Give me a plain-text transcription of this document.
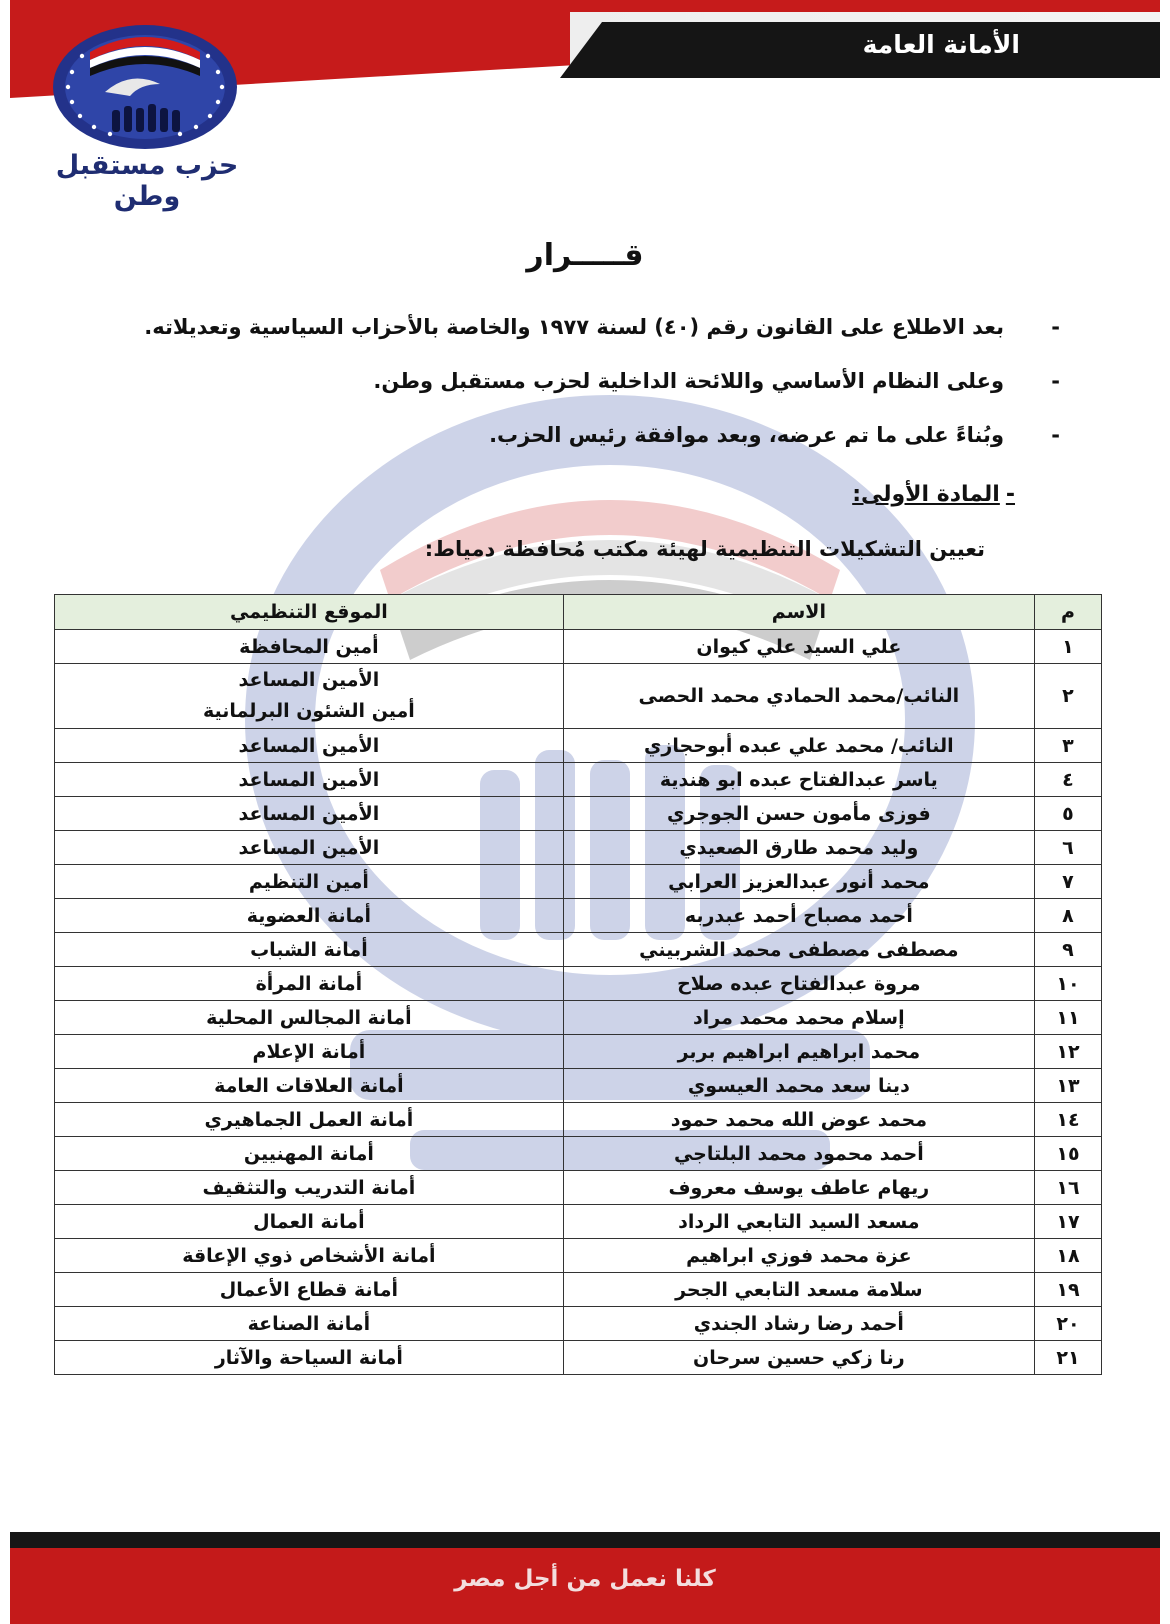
الأمانة العامة
حزب مستقبل وطن
قـــــرار
-
بعد الاطلاع على القانون رقم (٤٠) لسنة ١٩٧٧ والخاصة بالأحزاب السياسية وتعديلاته.
-
وعلى النظام الأساسي واللائحة الداخلية لحزب مستقبل وطن.
-
وبُناءً على ما تم عرضه، وبعد موافقة رئيس الحزب.
-المادة الأولى:
تعيين التشكيلات التنظيمية لهيئة مكتب مُحافظة دمياط:
م	الاسم	الموقع التنظيمي
١	علي السيد علي كيوان	أمين المحافظة
٢	النائب/محمد الحمادي محمد الحصى	الأمين المساعد
أمين الشئون البرلمانية

٣	النائب/ محمد علي عبده أبوحجازي	الأمين المساعد
٤	ياسر عبدالفتاح عبده ابو هندية	الأمين المساعد
٥	فوزى مأمون حسن الجوجري	الأمين المساعد
٦	وليد محمد طارق الصعيدي	الأمين المساعد
٧	محمد أنور عبدالعزيز العرابي	أمين التنظيم
٨	أحمد مصباح أحمد عبدربه	أمانة العضوية
٩	مصطفى مصطفى محمد الشربيني	أمانة الشباب
١٠	مروة عبدالفتاح عبده صلاح	أمانة المرأة
١١	إسلام محمد محمد مراد	أمانة المجالس المحلية
١٢	محمد ابراهيم ابراهيم بربر	أمانة الإعلام
١٣	دينا سعد محمد العيسوي	أمانة العلاقات العامة
١٤	محمد عوض الله محمد حمود	أمانة العمل الجماهيري
١٥	أحمد محمود محمد البلتاجي	أمانة المهنيين
١٦	ريهام عاطف يوسف معروف	أمانة التدريب والتثقيف
١٧	مسعد السيد التابعي الرداد	أمانة العمال
١٨	عزة محمد فوزي ابراهيم	أمانة الأشخاص ذوي الإعاقة
١٩	سلامة مسعد التابعي الجحر	أمانة قطاع الأعمال
٢٠	أحمد رضا رشاد الجندي	أمانة الصناعة
٢١	رنا زكي حسين سرحان	أمانة السياحة والآثار
كلنا نعمل من أجل مصر
